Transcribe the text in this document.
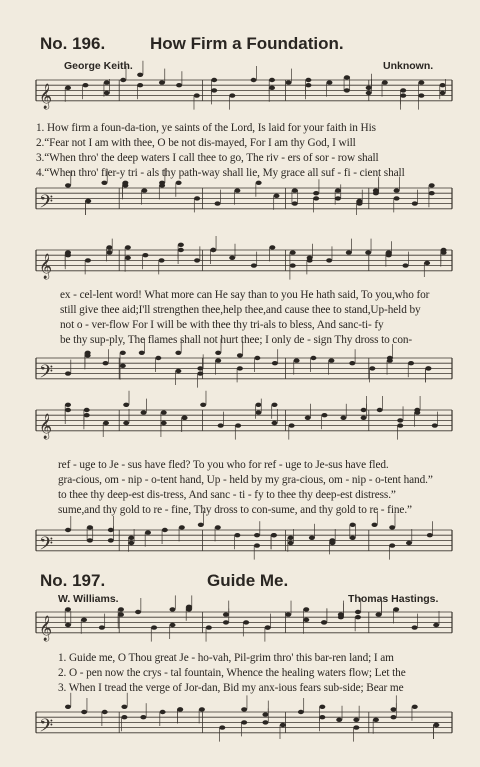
No. 196.	How Firm a Foundation.
George Keith.	Unknown.
𝄞
1. How firm a foun-da-tion, ye saints of the Lord, Is laid for your faith in His
2.“Fear not I am with thee, O be not dis-mayed, For I am thy God, I will
3.“When thro' the deep waters I call thee to go, The riv - ers of sor - row shall
4.“When thro' fier-y tri - als thy path-way shall lie, My grace all suf - fi - cient shall
𝄢
𝄞
ex - cel-lent word! What more can He say than to you He hath said, To you,who for
still give thee aid;I'll strengthen thee,help thee,and cause thee to stand,Up-held by
not o - ver-flow For I will be with thee thy tri-als to bless, And sanc-ti- fy
be thy sup-ply, The flames shall not hurt thee; I only de - sign Thy dross to con-
𝄢
𝄞
ref - uge to Je - sus have fled? To you who for ref - uge to Je-sus have fled.
gra-cious, om - nip - o-tent hand, Up - held by my gra-cious, om - nip - o-tent hand.”
to thee thy deep-est dis-tress, And sanc - ti - fy to thee thy deep-est distress.”
sume,and thy gold to re - fine, Thy dross to con-sume, and thy gold to re - fine.”
𝄢
No. 197.	Guide Me.
W. Williams.	Thomas Hastings.
𝄞
1. Guide me, O Thou great Je - ho-vah, Pil-grim thro' this bar-ren land; I am
2. O - pen now the crys - tal fountain, Whence the healing waters flow; Let the
3. When I tread the verge of Jor-dan, Bid my anx-ious fears sub-side; Bear me
𝄢
